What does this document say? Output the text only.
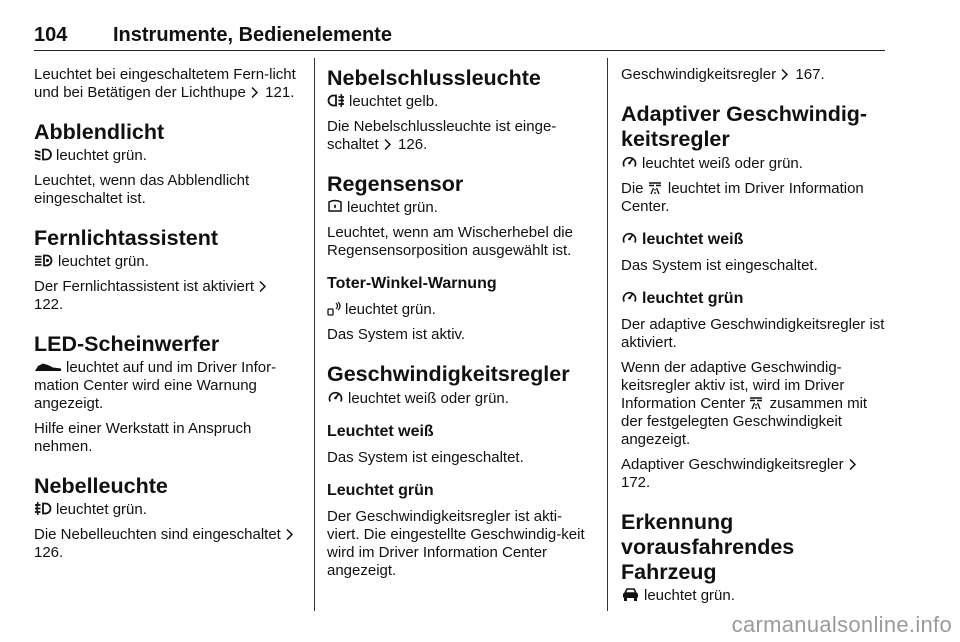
104 Instrumente, Bedienelemente

Leuchtet bei eingeschaltetem Fern-licht und bei Betätigen der Lichthupe
121.

Abblendlicht

leuchtet grün.

Leuchtet, wenn das Abblendlicht eingeschaltet ist.

Fernlichtassistent

leuchtet grün.

Der Fernlichtassistent ist aktiviert
122.

LED-Scheinwerfer

leuchtet auf und im Driver Infor-mation Center wird eine Warnung angezeigt.

Hilfe einer Werkstatt in Anspruch nehmen.

Nebelleuchte

leuchtet grün.

Die Nebelleuchten sind eingeschaltet
126.

Nebelschlussleuchte

leuchtet gelb.

Die Nebelschlussleuchte ist einge-schaltet
126.

Regensensor

leuchtet grün.

Leuchtet, wenn am Wischerhebel die Regensensorposition ausgewählt ist.

Toter-Winkel-Warnung

leuchtet grün.

Das System ist aktiv.

Geschwindigkeitsregler

leuchtet weiß oder grün.

Leuchtet weiß

Das System ist eingeschaltet.

Leuchtet grün

Der Geschwindigkeitsregler ist akti-viert. Die eingestellte Geschwindig-keit wird im Driver Information Center angezeigt.

Geschwindigkeitsregler
167.

Adaptiver Geschwindig-keitsregler

leuchtet weiß oder grün.

Die
leuchtet im Driver Information Center.

leuchtet weiß

Das System ist eingeschaltet.

leuchtet grün

Der adaptive Geschwindigkeitsregler ist aktiviert.

Wenn der adaptive Geschwindig-keitsregler aktiv ist, wird im Driver Information Center
zusammen mit der festgelegten Geschwindigkeit angezeigt.

Adaptiver Geschwindigkeitsregler
172.

Erkennung vorausfahrendes Fahrzeug

leuchtet grün.

carmanualsonline.info
